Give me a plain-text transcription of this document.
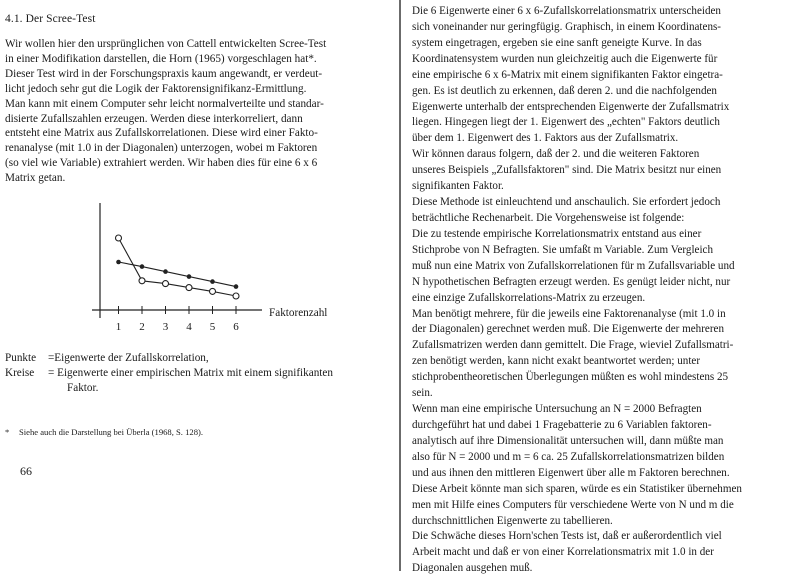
4.1. Der Scree-Test
Wir wollen hier den ursprünglichen von Cattell entwickelten Scree-Test
in einer Modifikation darstellen, die Horn (1965) vorgeschlagen hat*.
Dieser Test wird in der Forschungspraxis kaum angewandt, er verdeut-
licht jedoch sehr gut die Logik der Faktorensignifikanz-Ermittlung.
Man kann mit einem Computer sehr leicht normalverteilte und standar-
disierte Zufallszahlen erzeugen. Werden diese interkorreliert, dann
entsteht eine Matrix aus Zufallskorrelationen. Diese wird einer Fakto-
renanalyse (mit 1.0 in der Diagonalen) unterzogen, wobei m Faktoren
(so viel wie Variable) extrahiert werden. Wir haben dies für eine 6 x 6
Matrix getan.
1 2 3 4 5 6
Faktorenzahl
Punkte	=Eigenwerte der Zufallskorrelation,
Kreise	= Eigenwerte einer empirischen Matrix mit einem signifikanten
Faktor.
* Siehe auch die Darstellung bei Überla (1968, S. 128).
66
Die 6 Eigenwerte einer 6 x 6-Zufallskorrelationsmatrix unterscheiden
sich voneinander nur geringfügig. Graphisch, in einem Koordinatens-
system eingetragen, ergeben sie eine sanft geneigte Kurve. In das
Koordinatensystem wurden nun gleichzeitig auch die Eigenwerte für
eine empirische 6 x 6-Matrix mit einem signifikanten Faktor eingetra-
gen. Es ist deutlich zu erkennen, daß deren 2. und die nachfolgenden
Eigenwerte unterhalb der entsprechenden Eigenwerte der Zufallsmatrix
liegen. Hingegen liegt der 1. Eigenwert des „echten" Faktors deutlich
über dem 1. Eigenwert des 1. Faktors aus der Zufallsmatrix.
Wir können daraus folgern, daß der 2. und die weiteren Faktoren
unseres Beispiels „Zufallsfaktoren" sind. Die Matrix besitzt nur einen
signifikanten Faktor.
Diese Methode ist einleuchtend und anschaulich. Sie erfordert jedoch
beträchtliche Rechenarbeit. Die Vorgehensweise ist folgende:
Die zu testende empirische Korrelationsmatrix entstand aus einer
Stichprobe von N Befragten. Sie umfaßt m Variable. Zum Vergleich
muß nun eine Matrix von Zufallskorrelationen für m Zufallsvariable und
N hypothetischen Befragten erzeugt werden. Es genügt leider nicht, nur
eine einzige Zufallskorrelations-Matrix zu erzeugen.
Man benötigt mehrere, für die jeweils eine Faktorenanalyse (mit 1.0 in
der Diagonalen) gerechnet werden muß. Die Eigenwerte der mehreren
Zufallsmatrizen werden dann gemittelt. Die Frage, wieviel Zufallsmatri-
zen benötigt werden, kann nicht exakt beantwortet werden; unter
stichprobentheoretischen Überlegungen müßten es wohl mindestens 25
sein.
Wenn man eine empirische Untersuchung an N = 2000 Befragten
durchgeführt hat und dabei 1 Fragebatterie zu 6 Variablen faktoren-
analytisch auf ihre Dimensionalität untersuchen will, dann müßte man
also für N = 2000 und m = 6 ca. 25 Zufallskorrelationsmatrizen bilden
und aus ihnen den mittleren Eigenwert über alle m Faktoren berechnen.
Diese Arbeit könnte man sich sparen, würde es ein Statistiker übernehmen
men mit Hilfe eines Computers für verschiedene Werte von N und m die
durchschnittlichen Eigenwerte zu tabellieren.
Die Schwäche dieses Horn'schen Tests ist, daß er außerordentlich viel
Arbeit macht und daß er von einer Korrelationsmatrix mit 1.0 in der
Diagonalen ausgehen muß.
